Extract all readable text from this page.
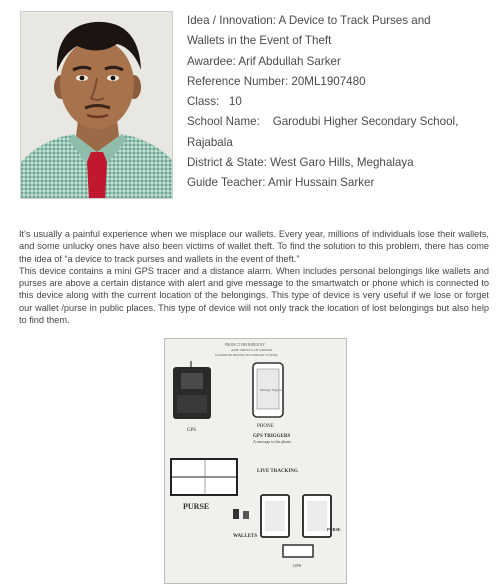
Idea / Innovation: A Device to Track Purses and
Wallets in the Event of Theft
Awardee: Arif Abdullah Sarker
Reference Number: 20ML1907480
Class:   10
School Name:    Garodubi Higher Secondary School, Rajabala
District & State: West Garo Hills, Meghalaya
Guide Teacher: Amir Hussain Sarker

It's usually a painful experience when we misplace our wallets. Every year, millions of individuals lose their wallets, and some unlucky ones have also been victims of wallet theft. To find the solution to this problem, there has come the idea of “a device to track purses and wallets in the event of theft.”

This device contains a mini GPS tracer and a distance alarm. When includes personal belongings like wallets and purses are above a certain distance with alert and give message to the smartwatch or phone which is connected to this device along with the current location of the belongings. This type of device is very useful if we lose or forget our wallet /purse in public places. This type of device will not only track the location of lost belongings but also help to find them.

PROJECT PREPARED BY
ARIF ABDULLAH SARKER
GARODUBI HIGHER SECONDARY SCHOOL
GPS
Message Triggered
PHONE
GPS TRIGGERS
A message to the phone
PURSE
LIVE TRACKING
WALLETS
PURSE
GPS
